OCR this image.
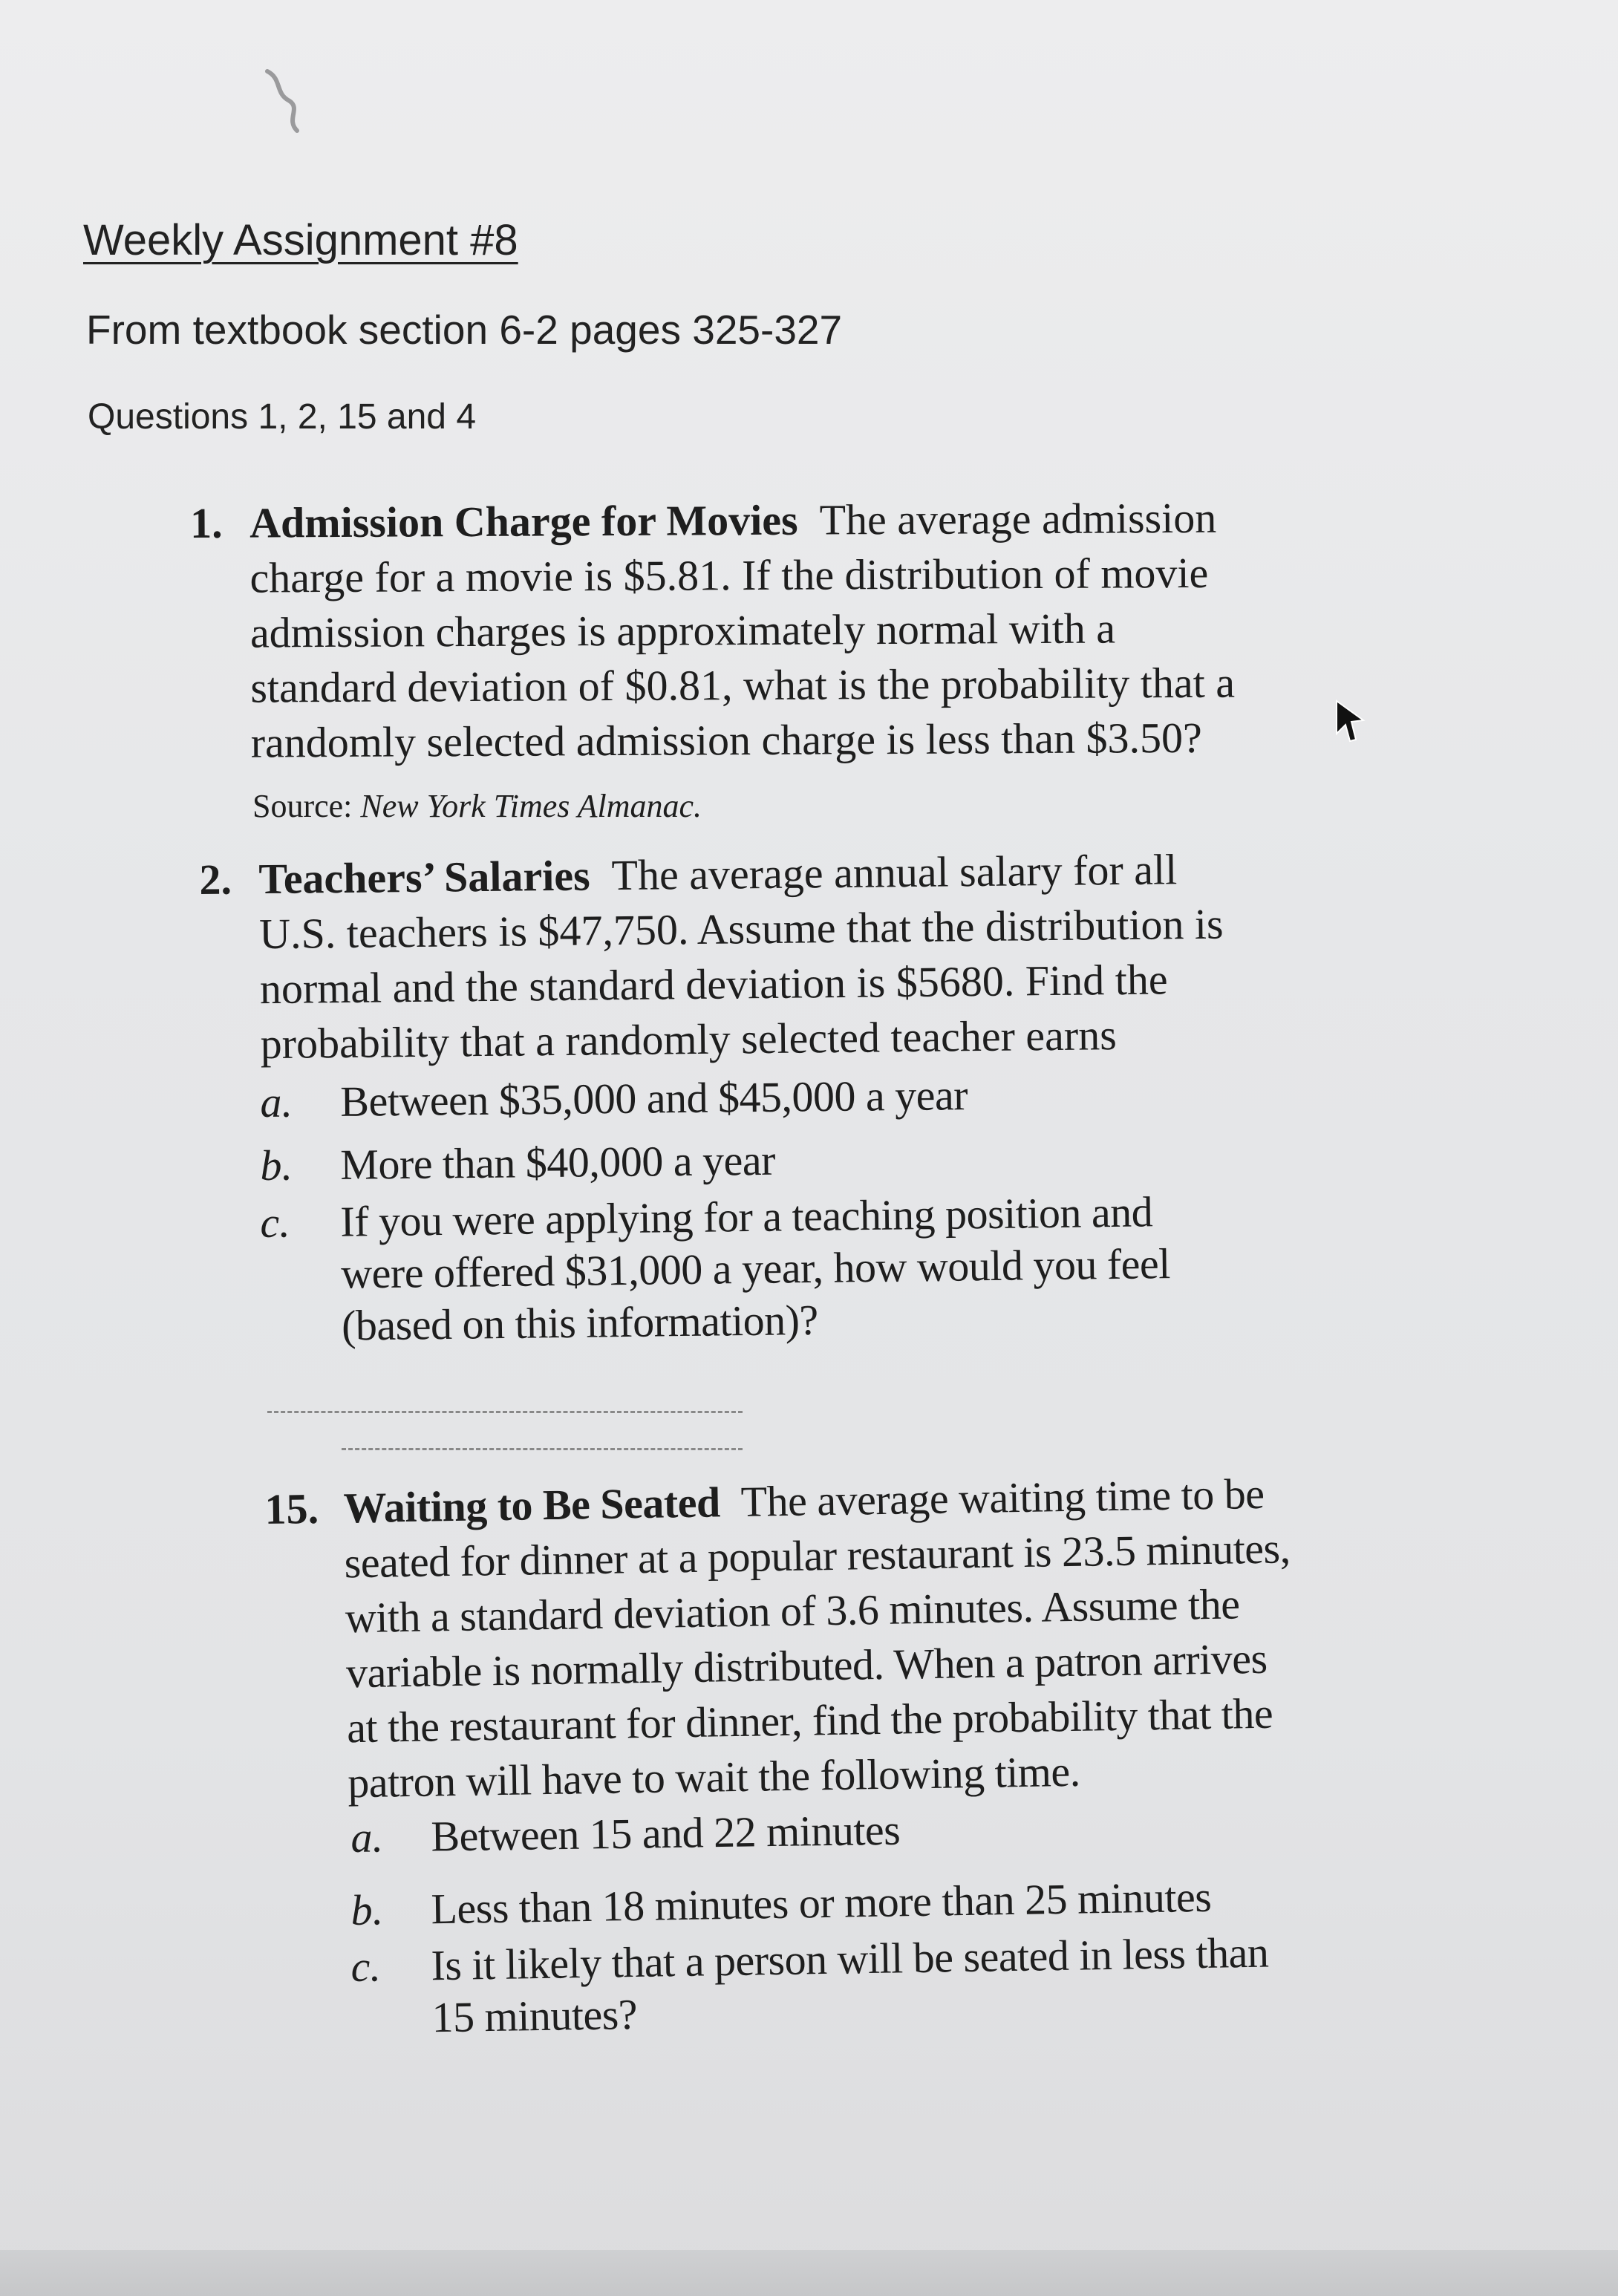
Weekly Assignment #8
From textbook section 6-2 pages 325-327
Questions 1, 2, 15 and 4
1. Admission Charge for Movies The average admission
charge for a movie is $5.81. If the distribution of movie
admission charges is approximately normal with a
standard deviation of $0.81, what is the probability that a
randomly selected admission charge is less than $3.50?
Source: New York Times Almanac.
2. Teachers’ Salaries The average annual salary for all
U.S. teachers is $47,750. Assume that the distribution is
normal and the standard deviation is $5680. Find the
probability that a randomly selected teacher earns
a. Between $35,000 and $45,000 a year
b. More than $40,000 a year
c. If you were applying for a teaching position and
were offered $31,000 a year, how would you feel
(based on this information)?
15. Waiting to Be Seated The average waiting time to be
seated for dinner at a popular restaurant is 23.5 minutes,
with a standard deviation of 3.6 minutes. Assume the
variable is normally distributed. When a patron arrives
at the restaurant for dinner, find the probability that the
patron will have to wait the following time.
a. Between 15 and 22 minutes
b. Less than 18 minutes or more than 25 minutes
c. Is it likely that a person will be seated in less than
15 minutes?
